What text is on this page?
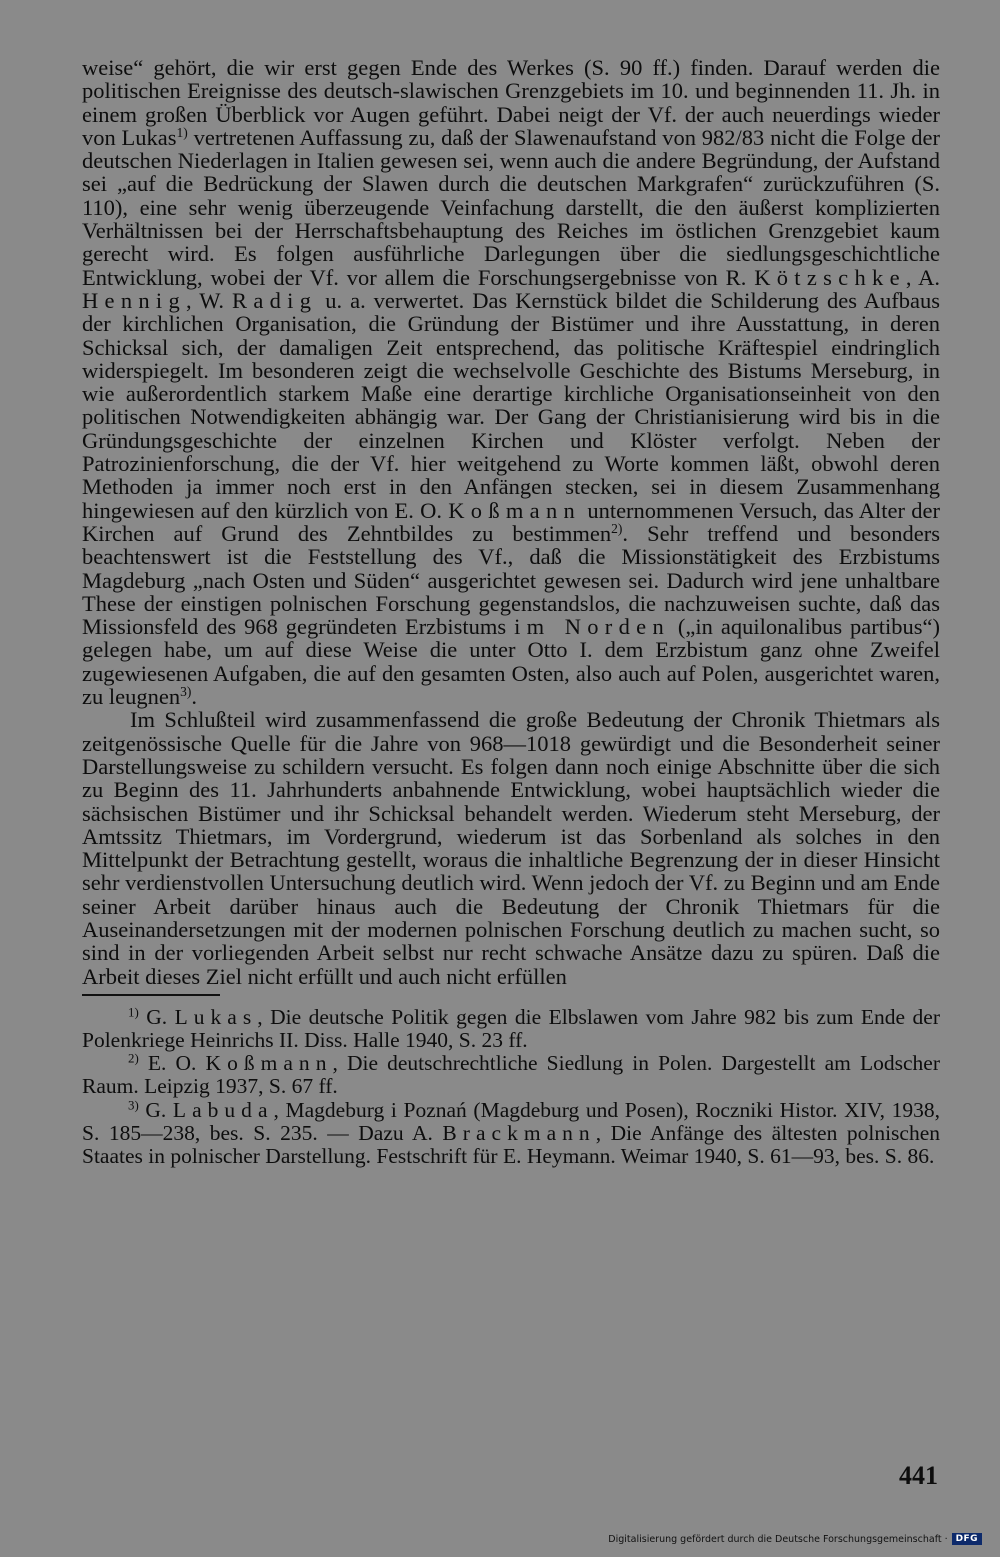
weise“ gehört, die wir erst gegen Ende des Werkes (S. 90 ff.) finden. Darauf werden die politischen Ereignisse des deutsch-slawischen Grenzgebiets im 10. und beginnenden 11. Jh. in einem großen Überblick vor Augen geführt. Dabei neigt der Vf. der auch neuerdings wieder von Lukas$^{1)}$ vertretenen Auffassung zu, daß der Slawenaufstand von 982/83 nicht die Folge der deutschen Niederlagen in Italien gewesen sei, wenn auch die andere Begründung, der Aufstand sei „auf die Bedrückung der Slawen durch die deutschen Markgrafen“ zurückzuführen (S. 110), eine sehr wenig überzeugende Veinfachung darstellt, die den äußerst komplizierten Verhältnissen bei der Herrschaftsbehauptung des Reiches im östlichen Grenzgebiet kaum gerecht wird. Es folgen ausführliche Darlegungen über die siedlungsgeschichtliche Entwicklung, wobei der Vf. vor allem die Forschungsergebnisse von R. Kötzschke, A. Hennig, W. Radig u. a. verwertet. Das Kernstück bildet die Schilderung des Aufbaus der kirchlichen Organisation, die Gründung der Bistümer und ihre Ausstattung, in deren Schicksal sich, der damaligen Zeit entsprechend, das politische Kräftespiel eindringlich widerspiegelt. Im besonderen zeigt die wechselvolle Geschichte des Bistums Merseburg, in wie außerordentlich starkem Maße eine derartige kirchliche Organisationseinheit von den politischen Notwendigkeiten abhängig war. Der Gang der Christianisierung wird bis in die Gründungsgeschichte der einzelnen Kirchen und Klöster verfolgt. Neben der Patrozinienforschung, die der Vf. hier weitgehend zu Worte kommen läßt, obwohl deren Methoden ja immer noch erst in den Anfängen stecken, sei in diesem Zusammenhang hingewiesen auf den kürzlich von E. O. Koßmann unternommenen Versuch, das Alter der Kirchen auf Grund des Zehntbildes zu bestimmen$^{2)}$. Sehr treffend und besonders beachtenswert ist die Feststellung des Vf., daß die Missionstätigkeit des Erzbistums Magdeburg „nach Osten und Süden“ ausgerichtet gewesen sei. Dadurch wird jene unhaltbare These der einstigen polnischen Forschung gegenstandslos, die nachzuweisen suchte, daß das Missionsfeld des 968 gegründeten Erzbistums im Norden („in aquilonalibus partibus“) gelegen habe, um auf diese Weise die unter Otto I. dem Erzbistum ganz ohne Zweifel zugewiesenen Aufgaben, die auf den gesamten Osten, also auch auf Polen, ausgerichtet waren, zu leugnen$^{3)}$.

Im Schlußteil wird zusammenfassend die große Bedeutung der Chronik Thietmars als zeitgenössische Quelle für die Jahre von 968—1018 gewürdigt und die Besonderheit seiner Darstellungsweise zu schildern versucht. Es folgen dann noch einige Abschnitte über die sich zu Beginn des 11. Jahrhunderts anbahnende Entwicklung, wobei hauptsächlich wieder die sächsischen Bistümer und ihr Schicksal behandelt werden. Wiederum steht Merseburg, der Amtssitz Thietmars, im Vordergrund, wiederum ist das Sorbenland als solches in den Mittelpunkt der Betrachtung gestellt, woraus die inhaltliche Begrenzung der in dieser Hinsicht sehr verdienstvollen Untersuchung deutlich wird. Wenn jedoch der Vf. zu Beginn und am Ende seiner Arbeit darüber hinaus auch die Bedeutung der Chronik Thietmars für die Auseinandersetzungen mit der modernen polnischen Forschung deutlich zu machen sucht, so sind in der vorliegenden Arbeit selbst nur recht schwache Ansätze dazu zu spüren. Daß die Arbeit dieses Ziel nicht erfüllt und auch nicht erfüllen

$^{1)}$ G. Lukas, Die deutsche Politik gegen die Elbslawen vom Jahre 982 bis zum Ende der Polenkriege Heinrichs II. Diss. Halle 1940, S. 23 ff.

$^{2)}$ E. O. Koßmann, Die deutschrechtliche Siedlung in Polen. Dargestellt am Lodscher Raum. Leipzig 1937, S. 67 ff.

$^{3)}$ G. Labuda, Magdeburg i Poznań (Magdeburg und Posen), Roczniki Histor. XIV, 1938, S. 185—238, bes. S. 235. — Dazu A. Brackmann, Die Anfänge des ältesten polnischen Staates in polnischer Darstellung. Festschrift für E. Heymann. Weimar 1940, S. 61—93, bes. S. 86.

441
Digitalisierung gefördert durch die Deutsche Forschungsgemeinschaft · DFG
